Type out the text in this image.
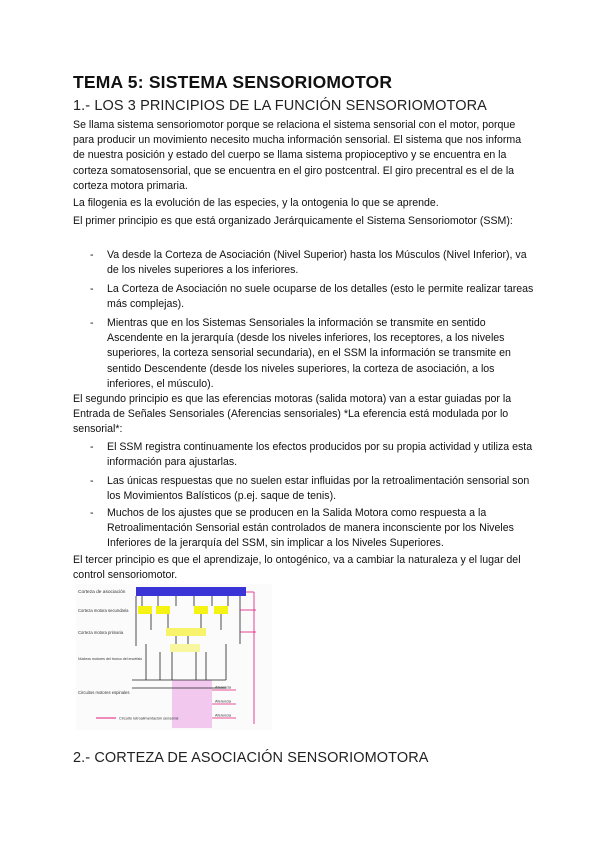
TEMA 5: SISTEMA SENSORIOMOTOR
1.- LOS 3 PRINCIPIOS DE LA FUNCIÓN SENSORIOMOTORA
Se llama sistema sensoriomotor porque se relaciona el sistema sensorial con el motor, porque para producir un movimiento necesito mucha información sensorial. El sistema que nos informa de nuestra posición y estado del cuerpo se llama sistema propioceptivo y se encuentra en la corteza somatosensorial, que se encuentra en el giro postcentral. El giro precentral es el de la corteza motora primaria.
La filogenia es la evolución de las especies, y la ontogenia lo que se aprende.
El primer principio es que está organizado Jerárquicamente el Sistema Sensoriomotor (SSM):
- Va desde la Corteza de Asociación (Nivel Superior) hasta los Músculos (Nivel Inferior), va de los niveles superiores a los inferiores.
- La Corteza de Asociación no suele ocuparse de los detalles (esto le permite realizar tareas más complejas).
- Mientras que en los Sistemas Sensoriales la información se transmite en sentido Ascendente en la jerarquía (desde los niveles inferiores, los receptores, a los niveles superiores, la corteza sensorial secundaria), en el SSM la información se transmite en sentido Descendente (desde los niveles superiores, la corteza de asociación, a los inferiores, el músculo).
El segundo principio es que las eferencias motoras (salida motora) van a estar guiadas por la Entrada de Señales Sensoriales (Aferencias sensoriales) *La eferencia está modulada por lo sensorial*:
- El SSM registra continuamente los efectos producidos por su propia actividad y utiliza esta información para ajustarlas.
- Las únicas respuestas que no suelen estar influidas por la retroalimentación sensorial son los Movimientos Balísticos (p.ej. saque de tenis).
- Muchos de los ajustes que se producen en la Salida Motora como respuesta a la Retroalimentación Sensorial están controlados de manera inconsciente por los Niveles Inferiores de la jerarquía del SSM, sin implicar a los Niveles Superiores.
El tercer principio es que el aprendizaje, lo ontogénico, va a cambiar la naturaleza y el lugar del control sensoriomotor.
Corteza de asociación
Corteza motora secundaria
Corteza motora primaria
Núcleos motores del tronco del encéfalo
Circuitos motores espinales
Aferencia
Aferencia
Aferencia
Circuito retroalimentación sensorial
2.- CORTEZA DE ASOCIACIÓN SENSORIOMOTORA
